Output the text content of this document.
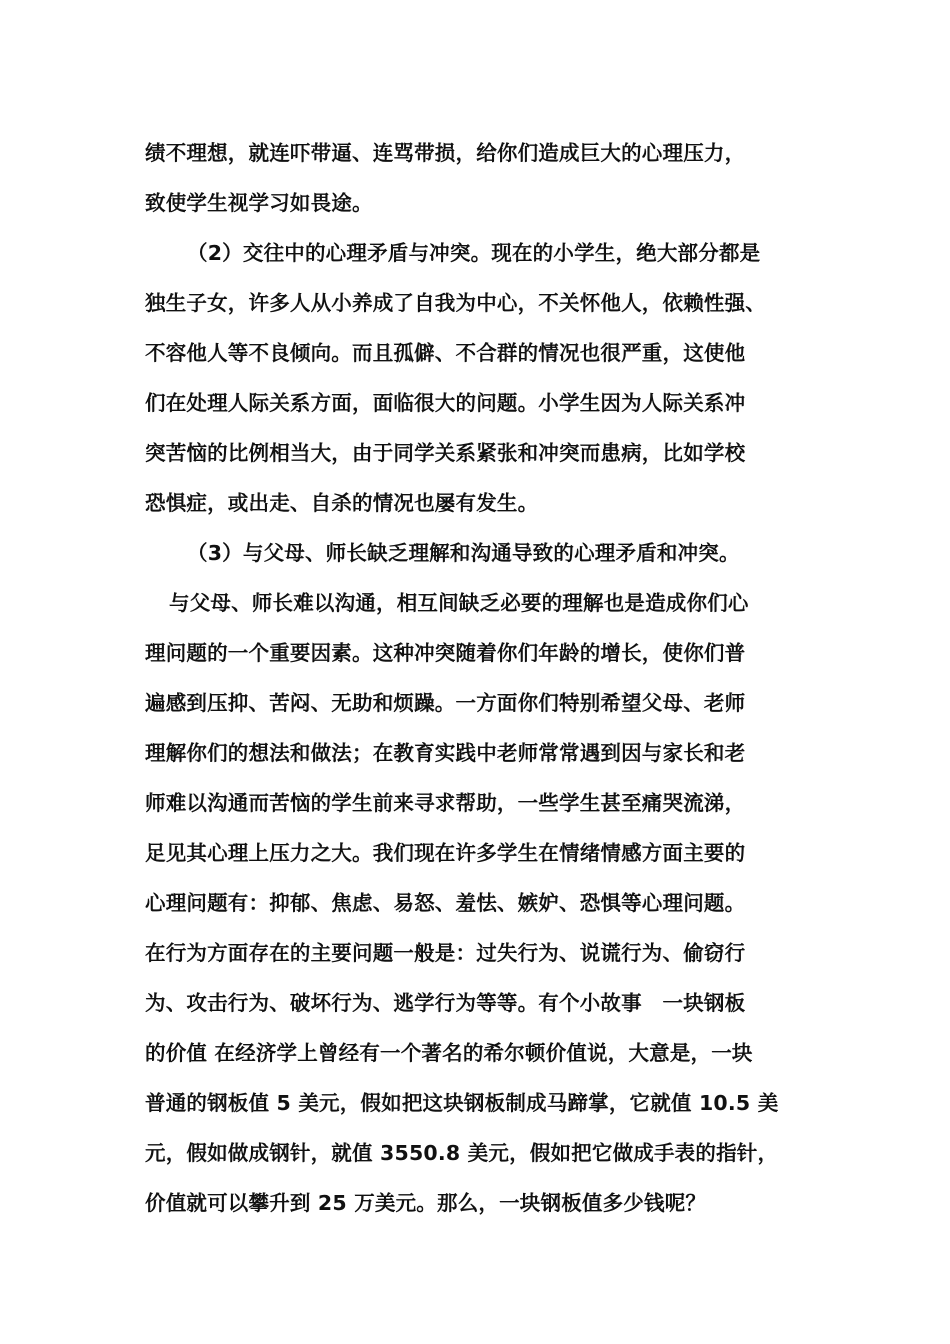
绩不理想，就连吓带逼、连骂带损，给你们造成巨大的心理压力，
致使学生视学习如畏途。
（2）交往中的心理矛盾与冲突。现在的小学生，绝大部分都是
独生子女，许多人从小养成了自我为中心，不关怀他人，依赖性强、
不容他人等不良倾向。而且孤僻、不合群的情况也很严重，这使他
们在处理人际关系方面，面临很大的问题。小学生因为人际关系冲
突苦恼的比例相当大，由于同学关系紧张和冲突而患病，比如学校
恐惧症，或出走、自杀的情况也屡有发生。
（3）与父母、师长缺乏理解和沟通导致的心理矛盾和冲突。
与父母、师长难以沟通，相互间缺乏必要的理解也是造成你们心
理问题的一个重要因素。这种冲突随着你们年龄的增长，使你们普
遍感到压抑、苦闷、无助和烦躁。一方面你们特别希望父母、老师
理解你们的想法和做法；在教育实践中老师常常遇到因与家长和老
师难以沟通而苦恼的学生前来寻求帮助，一些学生甚至痛哭流涕，
足见其心理上压力之大。我们现在许多学生在情绪情感方面主要的
心理问题有：抑郁、焦虑、易怒、羞怯、嫉妒、恐惧等心理问题。
在行为方面存在的主要问题一般是：过失行为、说谎行为、偷窃行
为、攻击行为、破坏行为、逃学行为等等。有个小故事　一块钢板
的价值 在经济学上曾经有一个著名的希尔顿价值说，大意是，一块
普通的钢板值 5 美元，假如把这块钢板制成马蹄掌，它就值 10.5 美
元，假如做成钢针，就值 3550.8 美元，假如把它做成手表的指针，
价值就可以攀升到 25 万美元。那么，一块钢板值多少钱呢？
